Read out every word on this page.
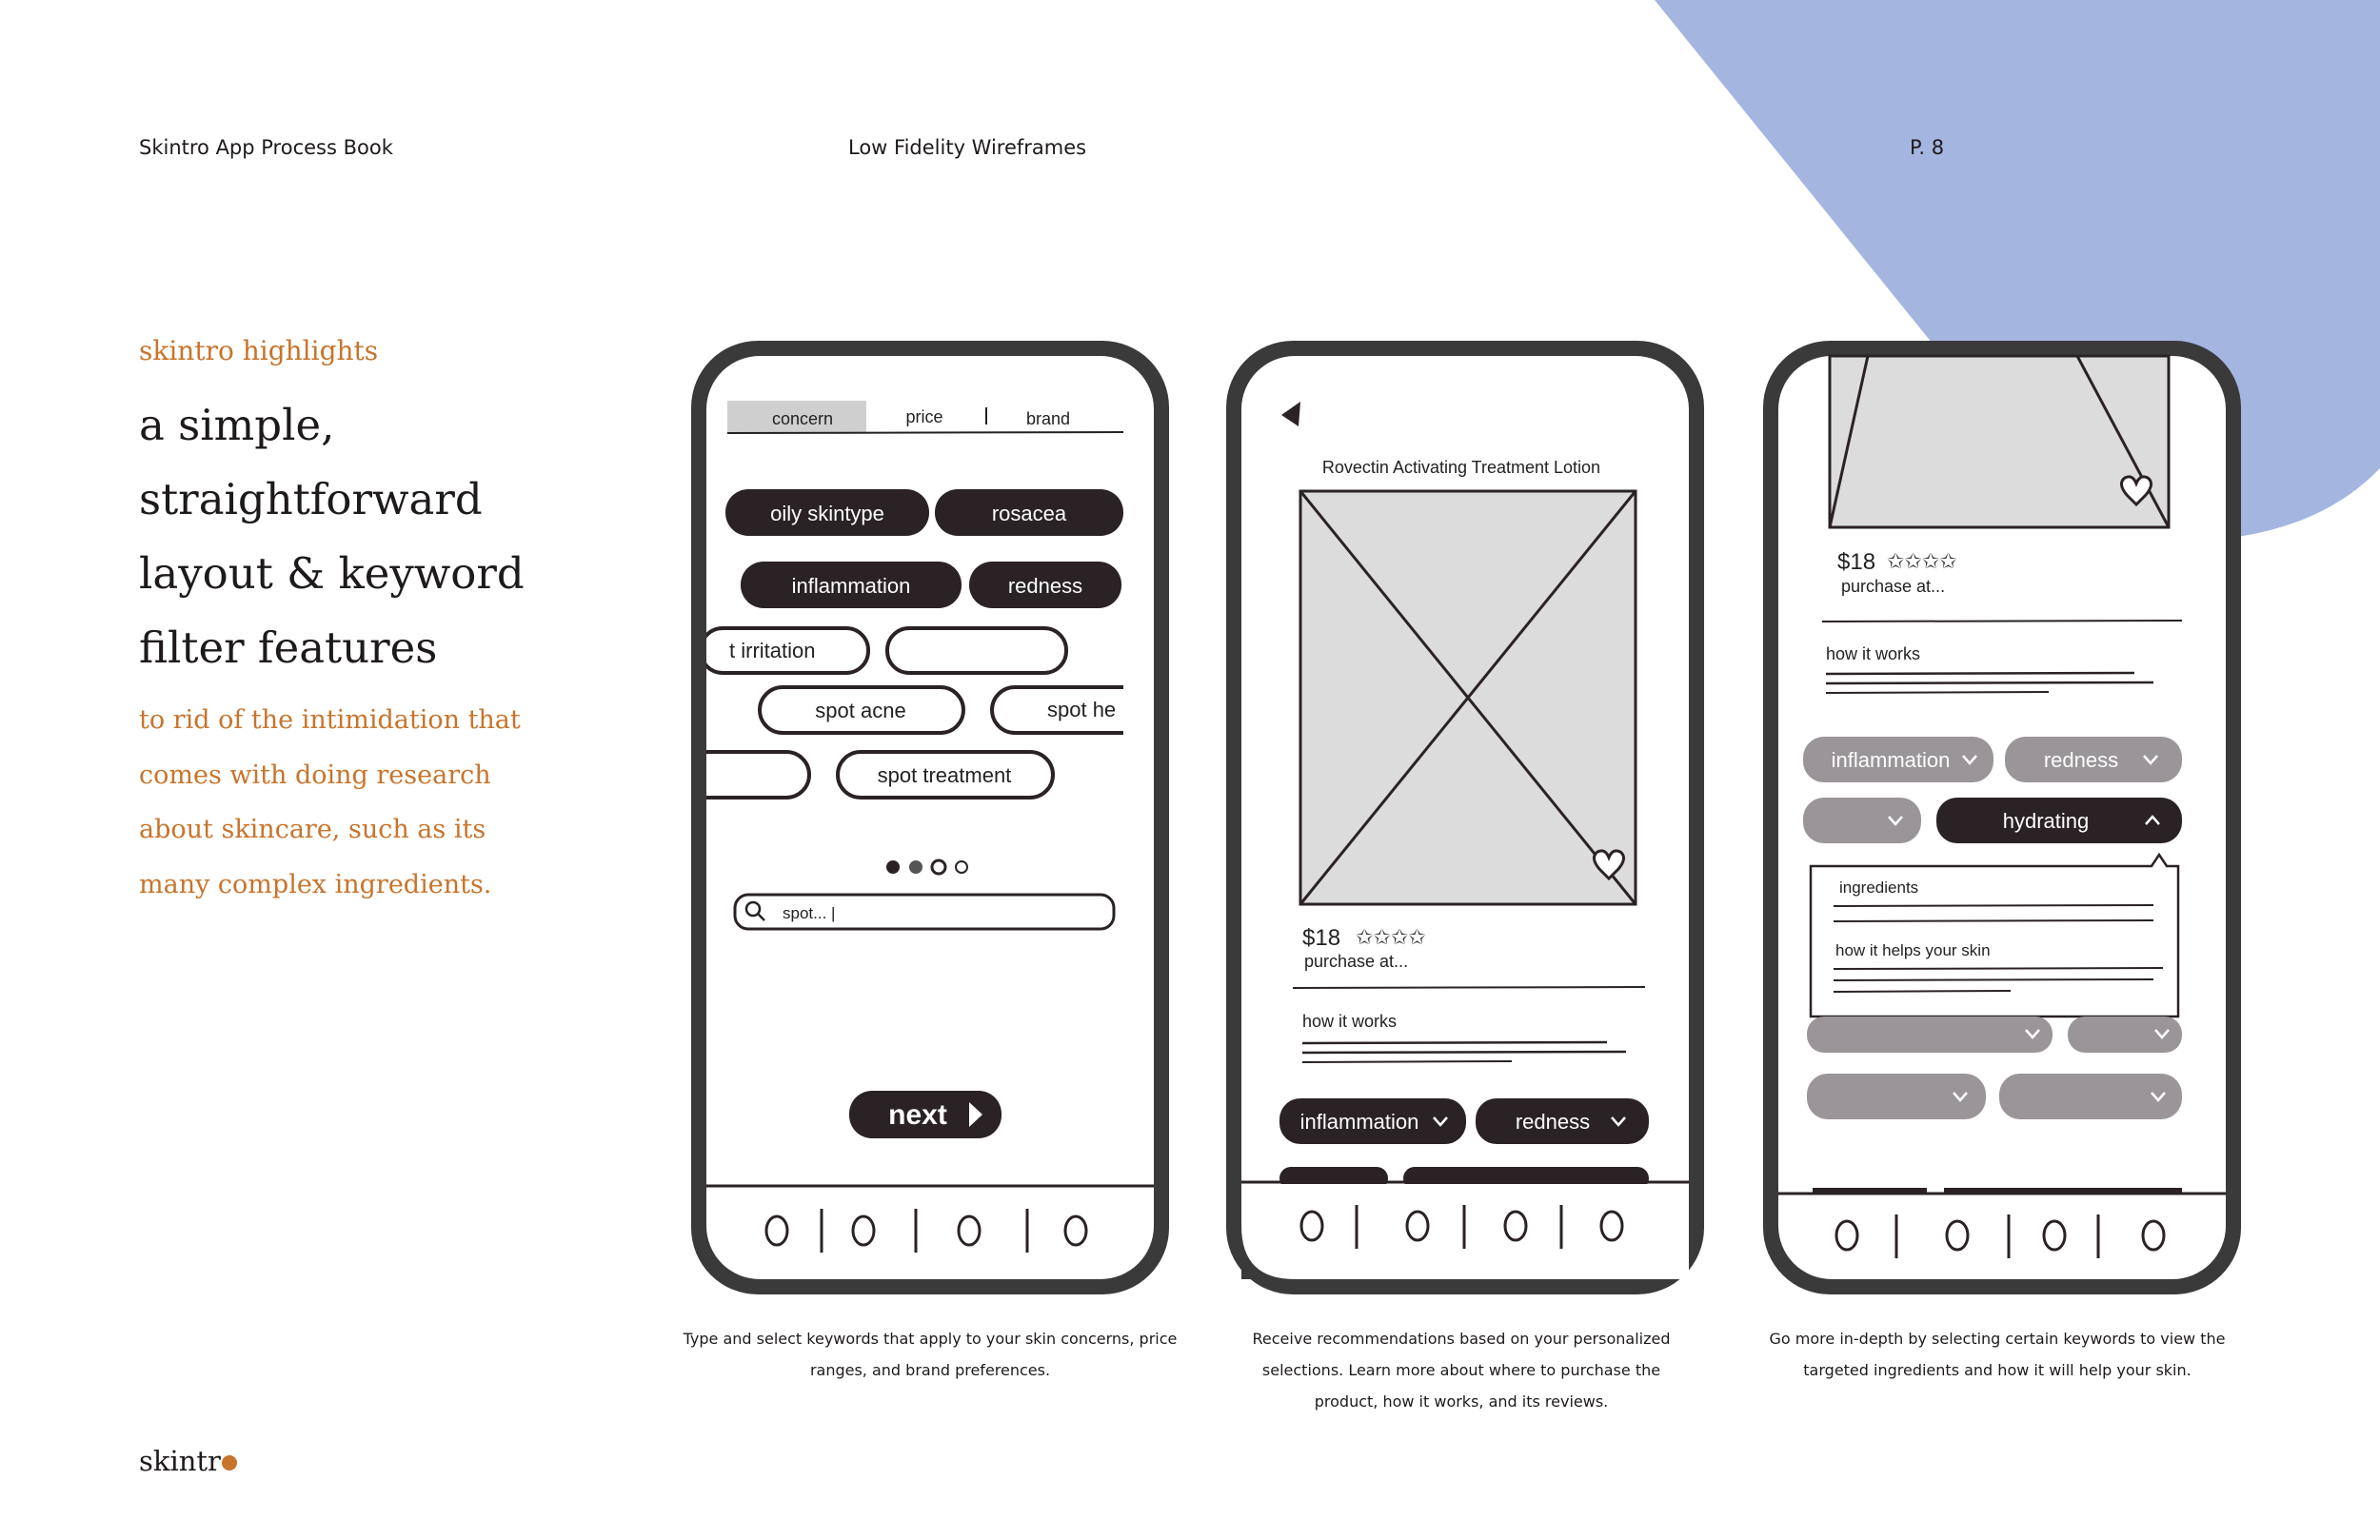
Skintro App Process Book	Low Fidelity Wireframes	P. 8
skintro highlights
a simple,
straightforward
layout & keyword
filter features
to rid of the intimidation that
comes with doing research
about skincare, such as its
many complex ingredients.
skintr
concern	price	brand
oily skintype	rosacea
inflammation	redness
t irritation
spot acne	spot he
spot treatment
spot... |
next
Rovectin Activating Treatment Lotion
$18 ✩✩✩✩
purchase at...
how it works
inflammation	redness
$18 ✩✩✩✩
purchase at...
how it works
inflammation	redness
hydrating
ingredients
how it helps your skin
Type and select keywords that apply to your skin concerns, price
ranges, and brand preferences.
Receive recommendations based on your personalized
selections. Learn more about where to purchase the
product, how it works, and its reviews.
Go more in-depth by selecting certain keywords to view the
targeted ingredients and how it will help your skin.
